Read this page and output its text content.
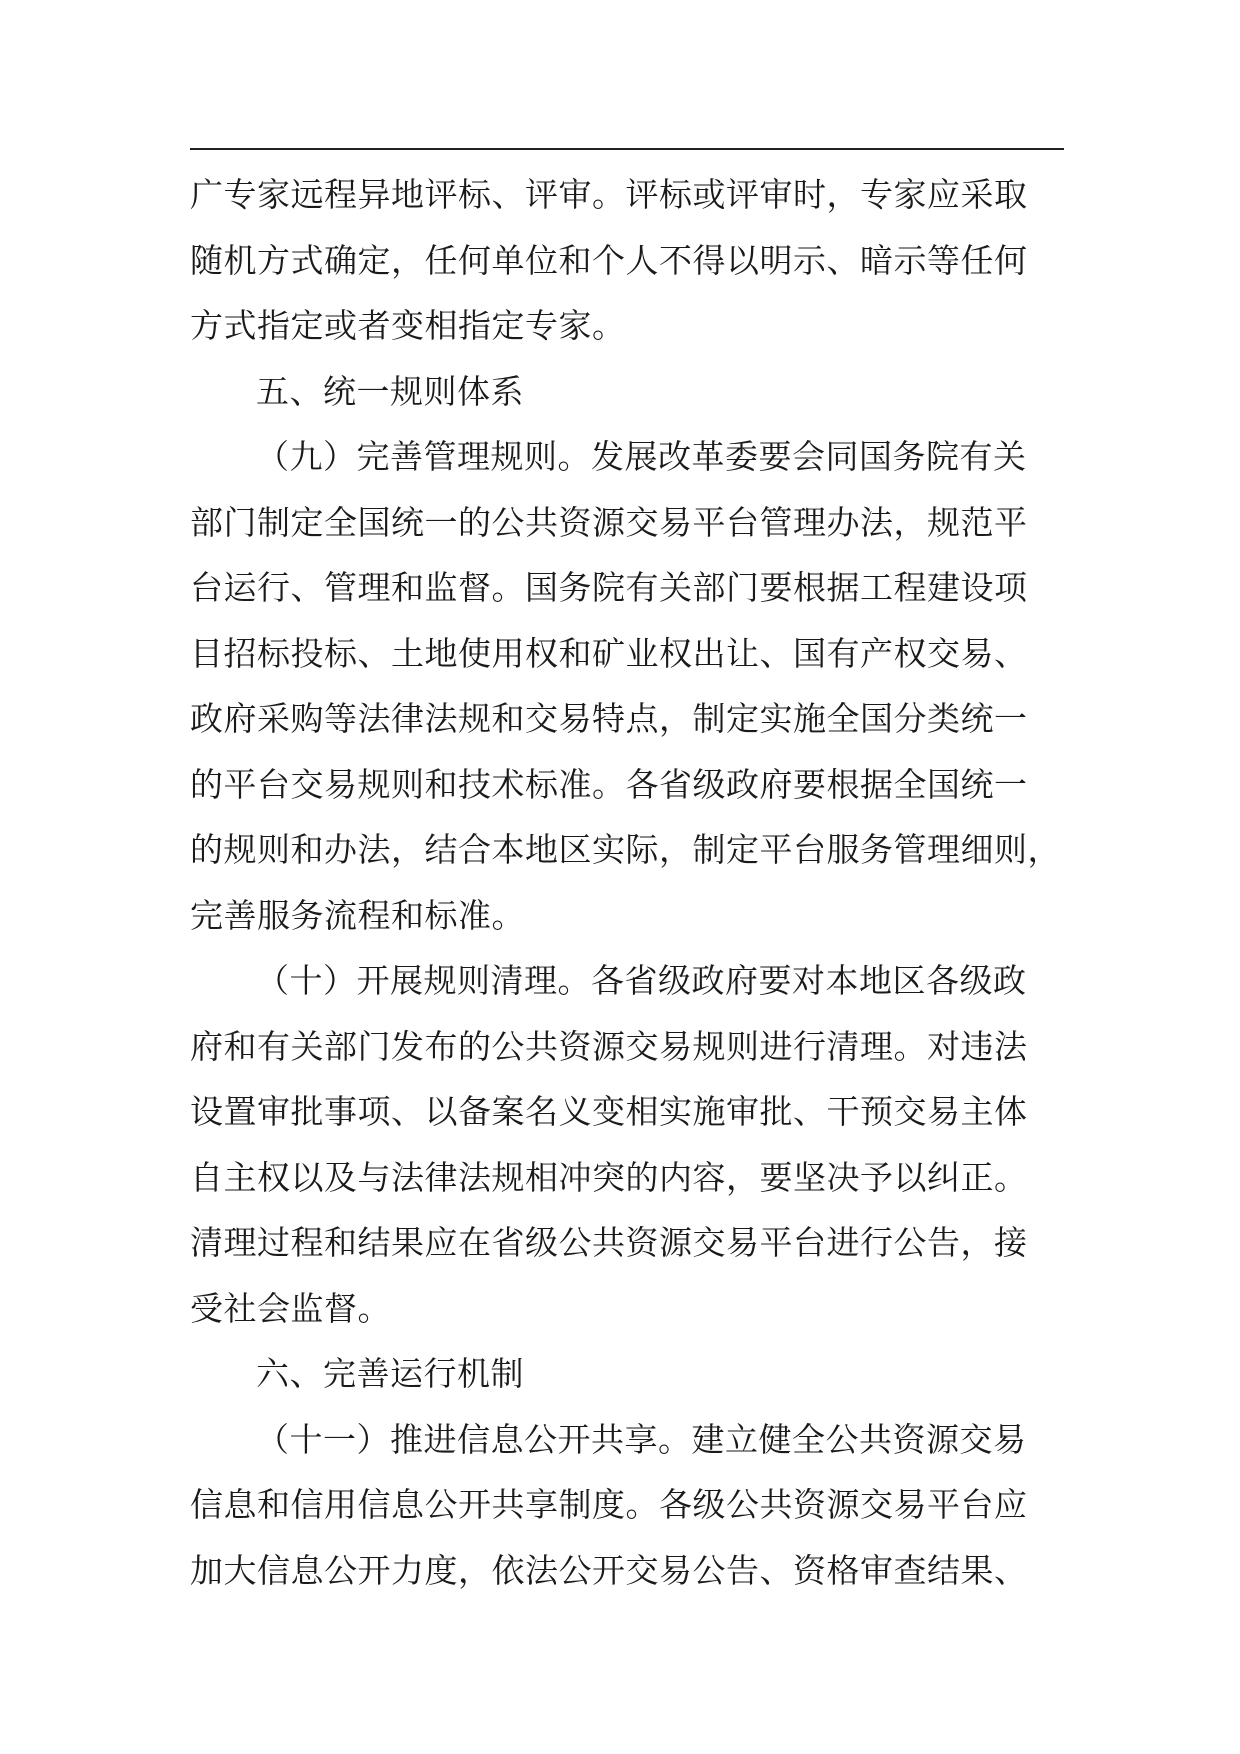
广专家远程异地评标、评审。评标或评审时，专家应采取
随机方式确定，任何单位和个人不得以明示、暗示等任何
方式指定或者变相指定专家。
五、统一规则体系
（九）完善管理规则。发展改革委要会同国务院有关
部门制定全国统一的公共资源交易平台管理办法，规范平
台运行、管理和监督。国务院有关部门要根据工程建设项
目招标投标、土地使用权和矿业权出让、国有产权交易、
政府采购等法律法规和交易特点，制定实施全国分类统一
的平台交易规则和技术标准。各省级政府要根据全国统一
的规则和办法，结合本地区实际，制定平台服务管理细则，
完善服务流程和标准。
（十）开展规则清理。各省级政府要对本地区各级政
府和有关部门发布的公共资源交易规则进行清理。对违法
设置审批事项、以备案名义变相实施审批、干预交易主体
自主权以及与法律法规相冲突的内容，要坚决予以纠正。
清理过程和结果应在省级公共资源交易平台进行公告，接
受社会监督。
六、完善运行机制
（十一）推进信息公开共享。建立健全公共资源交易
信息和信用信息公开共享制度。各级公共资源交易平台应
加大信息公开力度，依法公开交易公告、资格审查结果、
